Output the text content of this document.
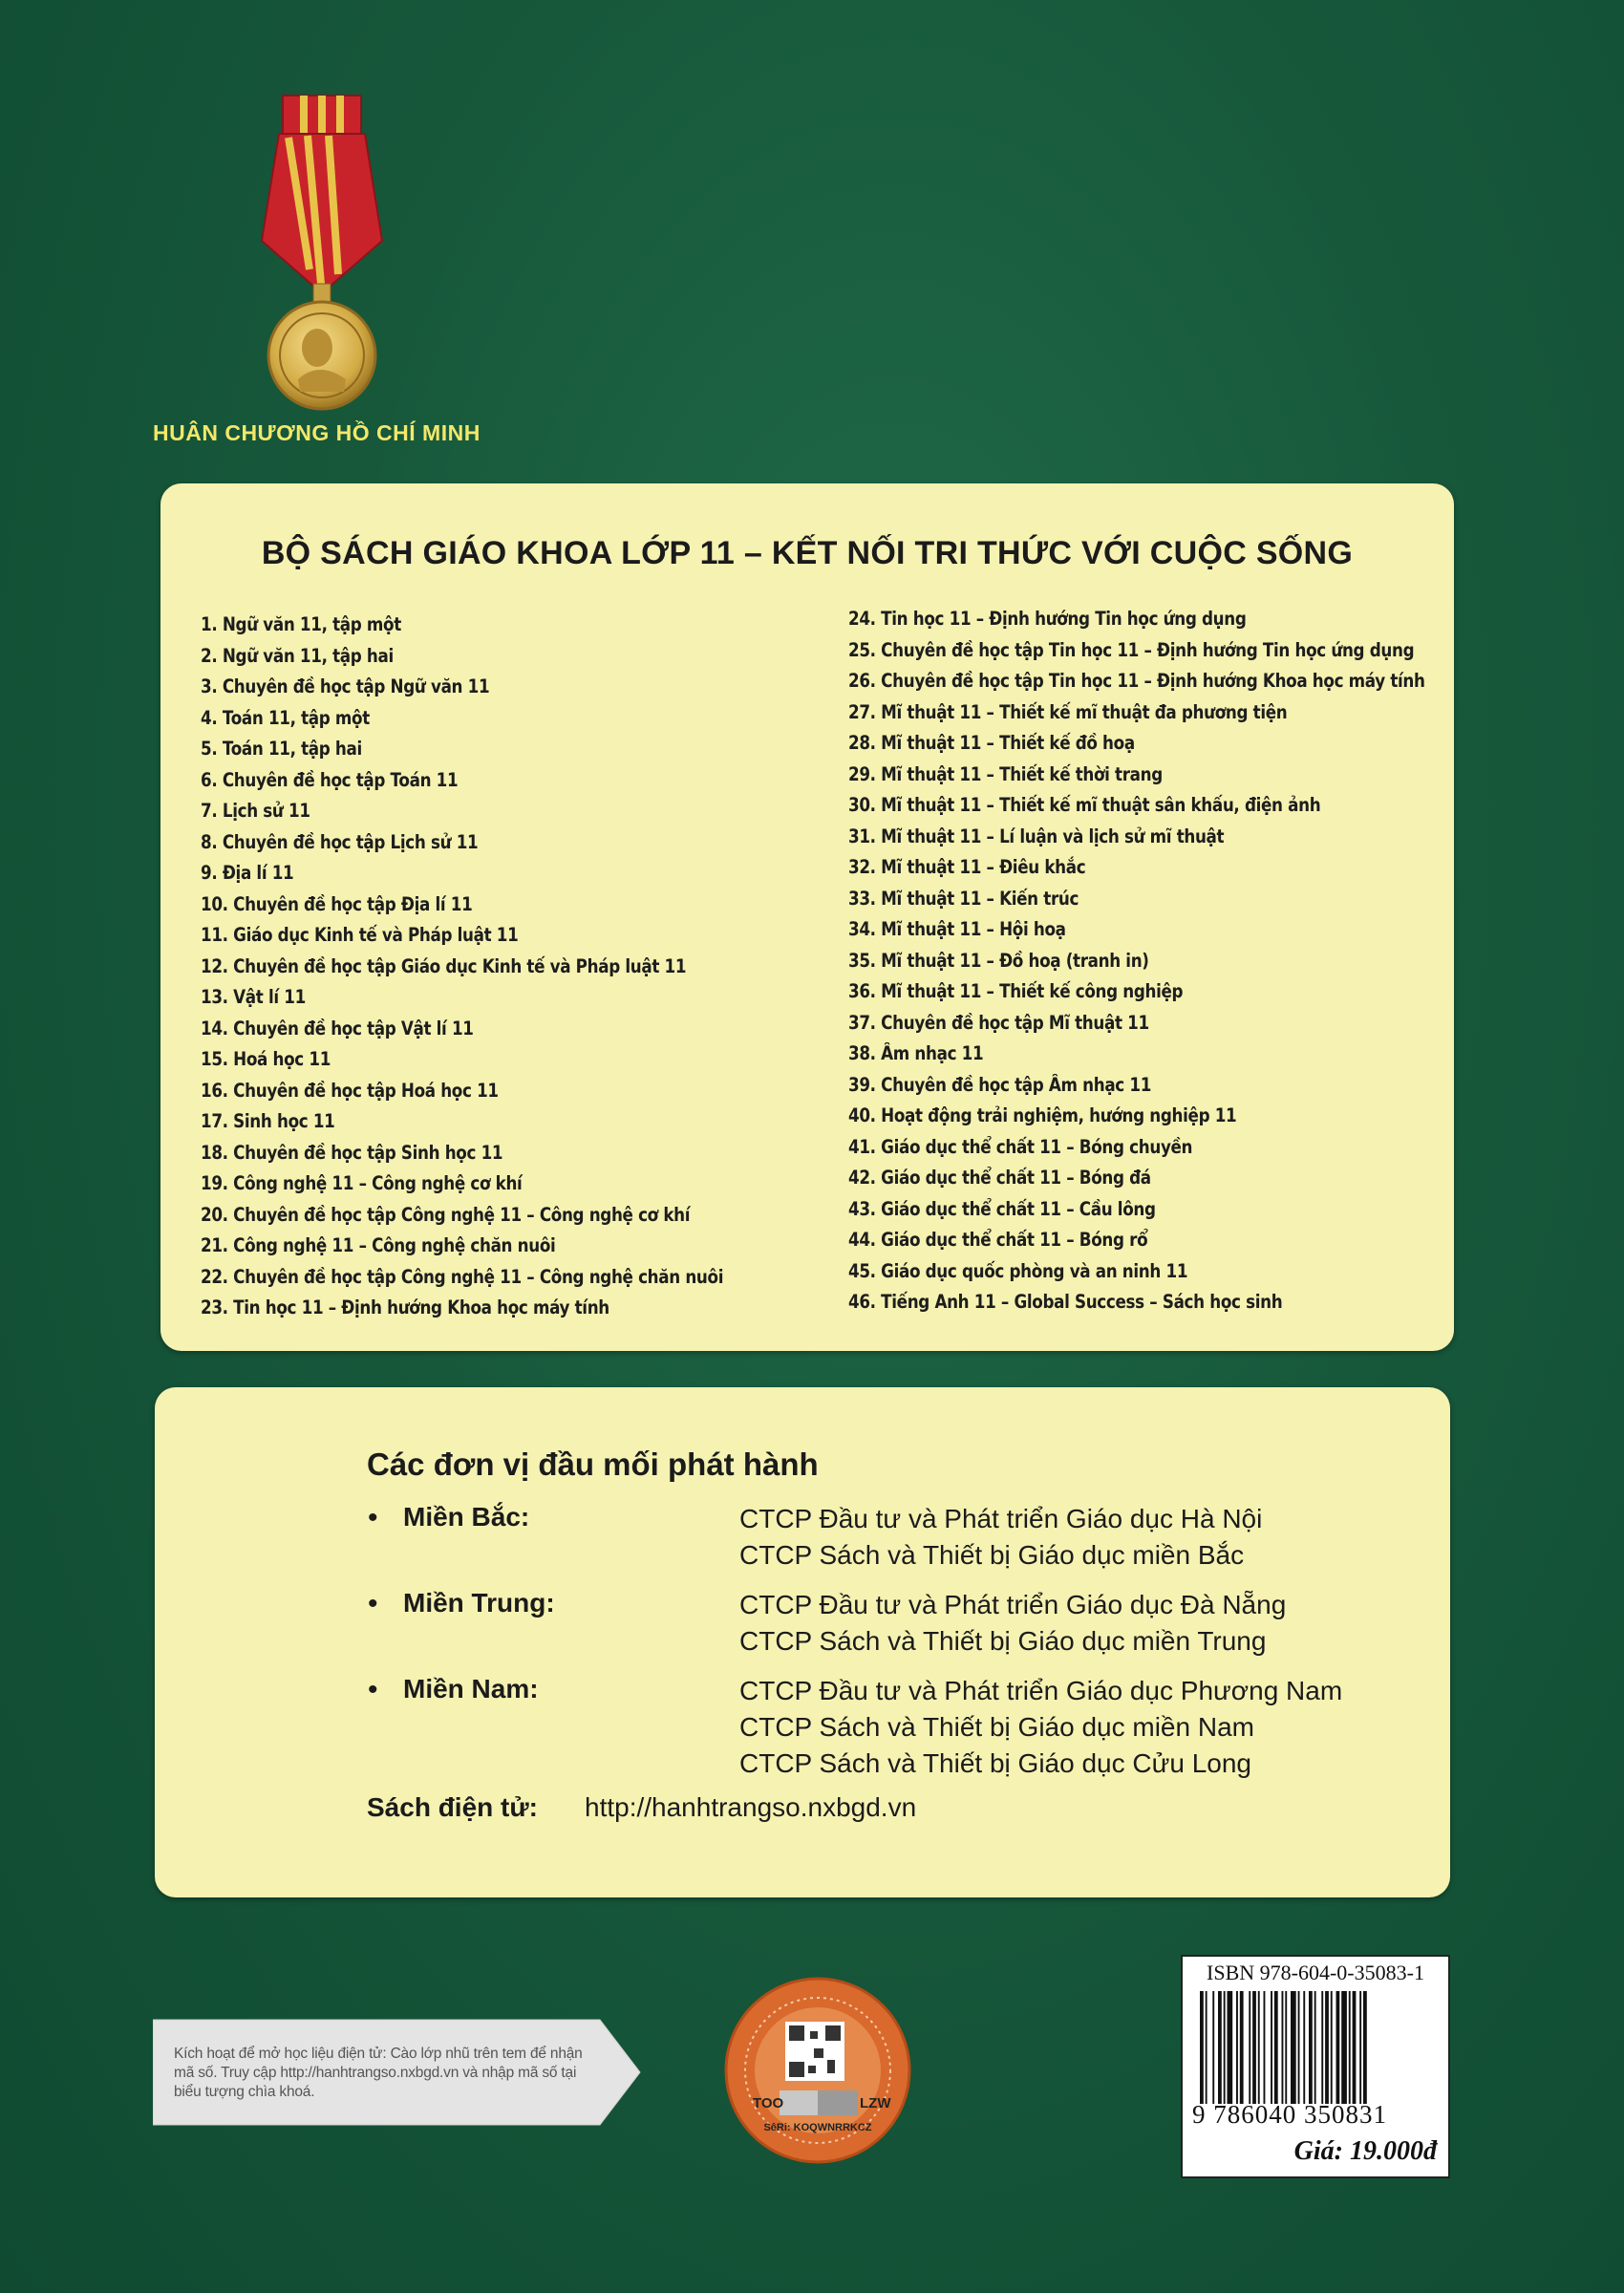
HUÂN CHƯƠNG HỒ CHÍ MINH
BỘ SÁCH GIÁO KHOA LỚP 11 – KẾT NỐI TRI THỨC VỚI CUỘC SỐNG
1. Ngữ văn 11, tập một
2. Ngữ văn 11, tập hai
3. Chuyên đề học tập Ngữ văn 11
4. Toán 11, tập một
5. Toán 11, tập hai
6. Chuyên đề học tập Toán 11
7. Lịch sử 11
8. Chuyên đề học tập Lịch sử 11
9. Địa lí 11
10. Chuyên đề học tập Địa lí 11
11. Giáo dục Kinh tế và Pháp luật 11
12. Chuyên đề học tập Giáo dục Kinh tế và Pháp luật 11
13. Vật lí 11
14. Chuyên đề học tập Vật lí 11
15. Hoá học 11
16. Chuyên đề học tập Hoá học 11
17. Sinh học 11
18. Chuyên đề học tập Sinh học 11
19. Công nghệ 11 – Công nghệ cơ khí
20. Chuyên đề học tập Công nghệ 11 – Công nghệ cơ khí
21. Công nghệ 11 – Công nghệ chăn nuôi
22. Chuyên đề học tập Công nghệ 11 – Công nghệ chăn nuôi
23. Tin học 11 – Định hướng Khoa học máy tính
24. Tin học 11 – Định hướng Tin học ứng dụng
25. Chuyên đề học tập Tin học 11 – Định hướng Tin học ứng dụng
26. Chuyên đề học tập Tin học 11 – Định hướng Khoa học máy tính
27. Mĩ thuật 11 – Thiết kế mĩ thuật đa phương tiện
28. Mĩ thuật 11 – Thiết kế đồ hoạ
29. Mĩ thuật 11 – Thiết kế thời trang
30. Mĩ thuật 11 – Thiết kế mĩ thuật sân khấu, điện ảnh
31. Mĩ thuật 11 – Lí luận và lịch sử mĩ thuật
32. Mĩ thuật 11 – Điêu khắc
33. Mĩ thuật 11 – Kiến trúc
34. Mĩ thuật 11 – Hội hoạ
35. Mĩ thuật 11 – Đồ hoạ (tranh in)
36. Mĩ thuật 11 – Thiết kế công nghiệp
37. Chuyên đề học tập Mĩ thuật 11
38. Âm nhạc 11
39. Chuyên đề học tập Âm nhạc 11
40. Hoạt động trải nghiệm, hướng nghiệp 11
41. Giáo dục thể chất 11 – Bóng chuyền
42. Giáo dục thể chất 11 – Bóng đá
43. Giáo dục thể chất 11 – Cầu lông
44. Giáo dục thể chất 11 – Bóng rổ
45. Giáo dục quốc phòng và an ninh 11
46. Tiếng Anh 11 – Global Success – Sách học sinh
Các đơn vị đầu mối phát hành
• Miền Bắc:	CTCP Đầu tư và Phát triển Giáo dục Hà Nội
CTCP Sách và Thiết bị Giáo dục miền Bắc
• Miền Trung:	CTCP Đầu tư và Phát triển Giáo dục Đà Nẵng
CTCP Sách và Thiết bị Giáo dục miền Trung
• Miền Nam:	CTCP Đầu tư và Phát triển Giáo dục Phương Nam
CTCP Sách và Thiết bị Giáo dục miền Nam
CTCP Sách và Thiết bị Giáo dục Cửu Long
Sách điện tử: http://hanhtrangso.nxbgd.vn
Kích hoạt để mở học liệu điện tử: Cào lớp nhũ trên tem để nhận mã số. Truy cập http://hanhtrangso.nxbgd.vn và nhập mã số tại biểu tượng chìa khoá.
TOO	LZW
SêRi: KOQWNRRKCZ
ISBN 978-604-0-35083-1
9 786040 350831
Giá: 19.000đ
